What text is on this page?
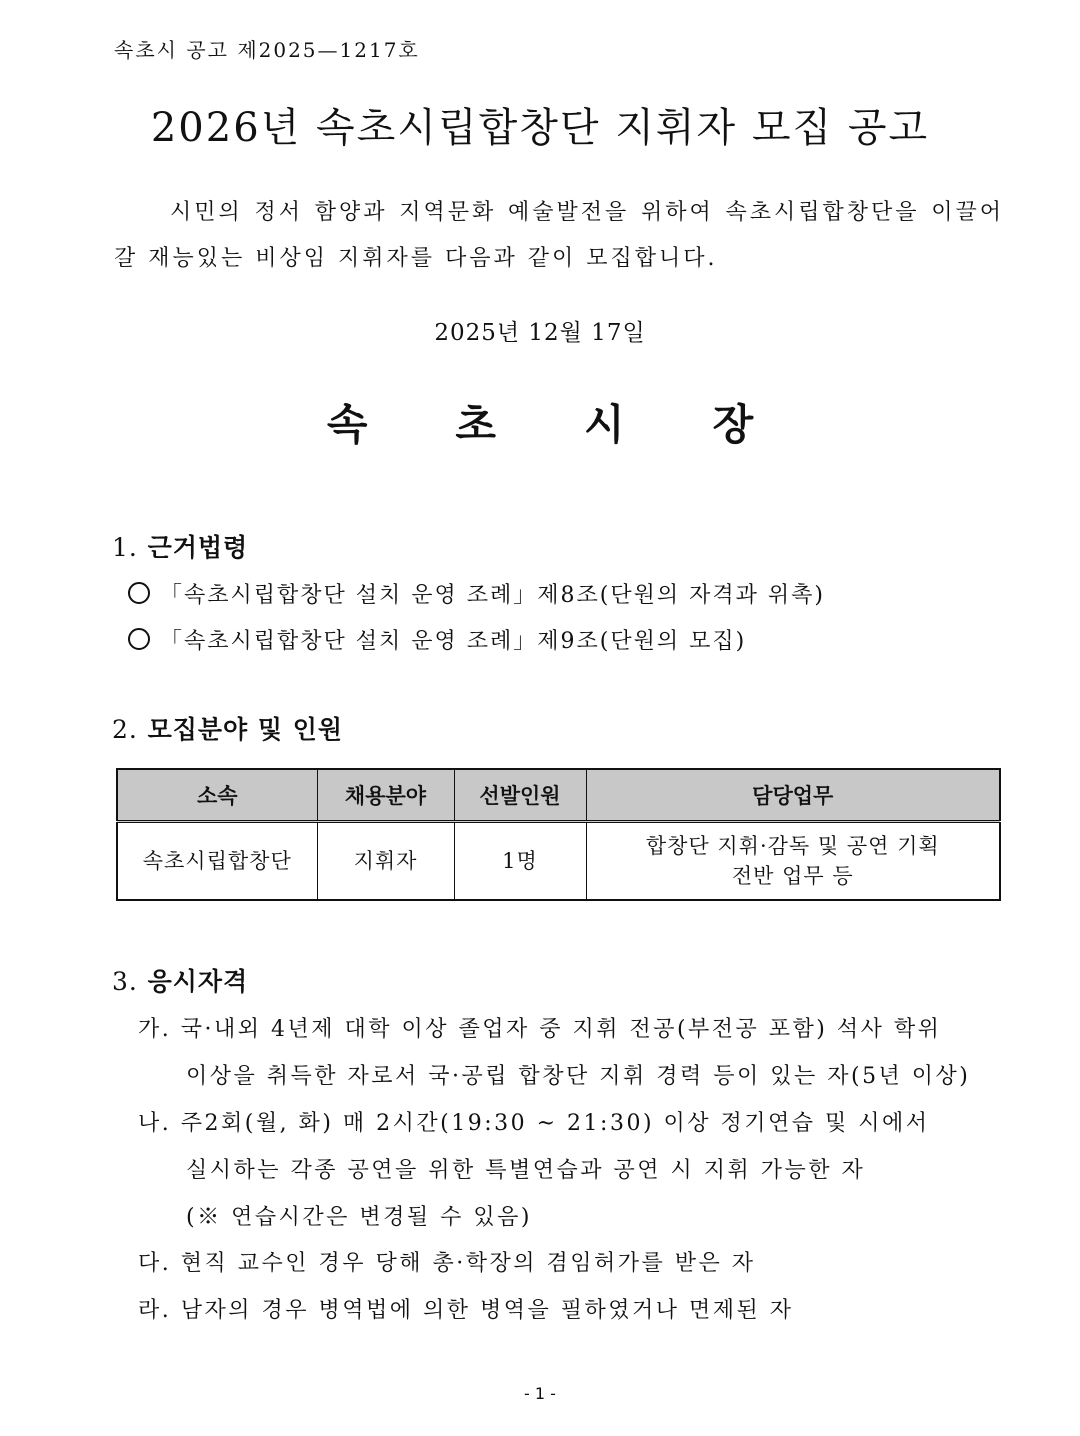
속초시 공고 제2025—1217호
2026년 속초시립합창단 지휘자 모집 공고
시민의 정서 함양과 지역문화 예술발전을 위하여 속초시립합창단을 이끌어갈 재능있는 비상임 지휘자를 다음과 같이 모집합니다.
2025년 12월 17일
속 초 시 장
1. 근거법령
「속초시립합창단 설치 운영 조례」제8조(단원의 자격과 위촉)
「속초시립합창단 설치 운영 조례」제9조(단원의 모집)
2. 모집분야 및 인원
소속	채용분야	선발인원	담당업무
속초시립합창단	지휘자	1명	합창단 지휘·감독 및 공연 기획
전반 업무 등
3. 응시자격
가. 국·내외 4년제 대학 이상 졸업자 중 지휘 전공(부전공 포함) 석사 학위
이상을 취득한 자로서 국·공립 합창단 지휘 경력 등이 있는 자(5년 이상)
나. 주2회(월, 화) 매 2시간(19:30 ~ 21:30) 이상 정기연습 및 시에서
실시하는 각종 공연을 위한 특별연습과 공연 시 지휘 가능한 자
(※ 연습시간은 변경될 수 있음)
다. 현직 교수인 경우 당해 총·학장의 겸임허가를 받은 자
라. 남자의 경우 병역법에 의한 병역을 필하였거나 면제된 자
- 1 -
